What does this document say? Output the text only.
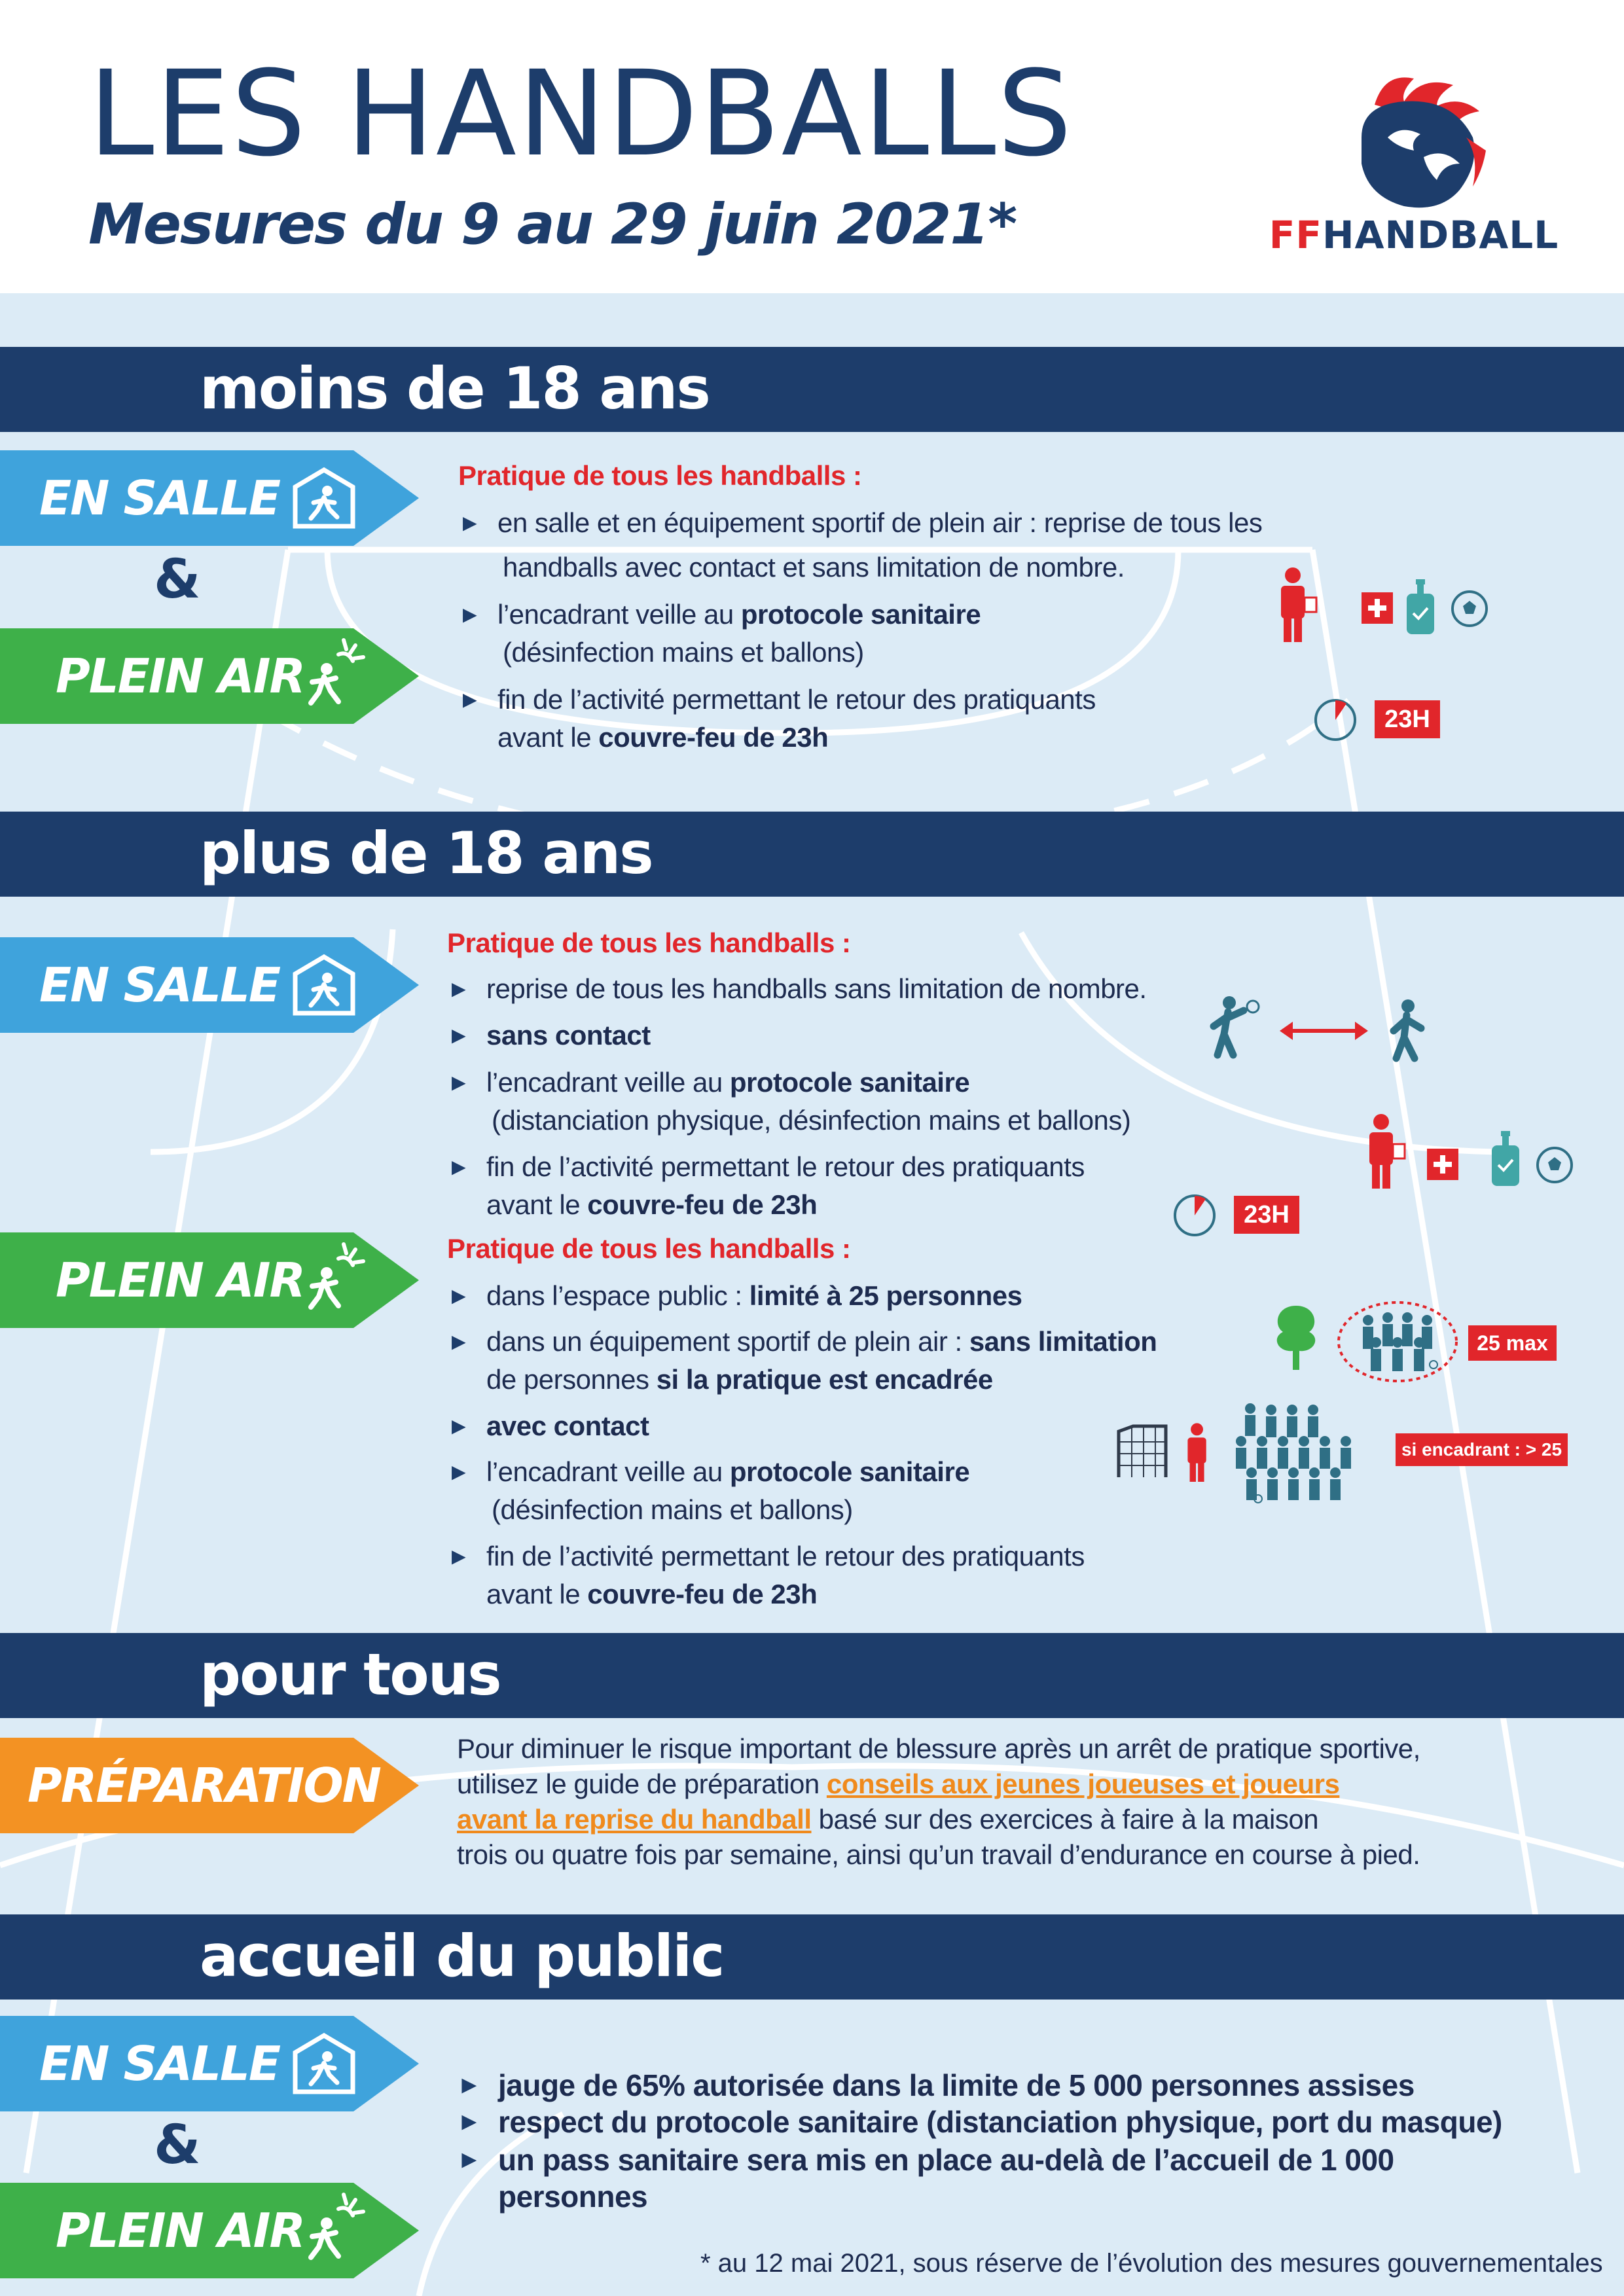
LES HANDBALLS
Mesures du 9 au 29 juin 2021*	FFHANDBALL
moins de 18 ans
EN SALLE
&
PLEIN AIR
Pratique de tous les handballs :
► en salle et en équipement sportif de plein air : reprise de tous les
handballs avec contact et sans limitation de nombre.
► l’encadrant veille au protocole sanitaire
(désinfection mains et ballons)
► fin de l’activité permettant le retour des pratiquants
avant le couvre-feu de 23h
23H
plus de 18 ans
EN SALLE
Pratique de tous les handballs :
► reprise de tous les handballs sans limitation de nombre.
► sans contact
► l’encadrant veille au protocole sanitaire
(distanciation physique, désinfection mains et ballons)
► fin de l’activité permettant le retour des pratiquants
avant le couvre-feu de 23h	23H
PLEIN AIR
Pratique de tous les handballs :
► dans l’espace public : limité à 25 personnes
► dans un équipement sportif de plein air : sans limitation
de personnes si la pratique est encadrée
► avec contact
► l’encadrant veille au protocole sanitaire
(désinfection mains et ballons)
► fin de l’activité permettant le retour des pratiquants
avant le couvre-feu de 23h
25 max
si encadrant : > 25
pour tous
PRÉPARATION
Pour diminuer le risque important de blessure après un arrêt de pratique sportive,
utilisez le guide de préparation conseils aux jeunes joueuses et joueurs
avant la reprise du handball basé sur des exercices à faire à la maison
trois ou quatre fois par semaine, ainsi qu’un travail d’endurance en course à pied.
accueil du public
EN SALLE
&
PLEIN AIR
► jauge de 65% autorisée dans la limite de 5 000 personnes assises
► respect du protocole sanitaire (distanciation physique, port du masque)
► un pass sanitaire sera mis en place au-delà de l’accueil de 1 000
personnes
* au 12 mai 2021, sous réserve de l’évolution des mesures gouvernementales
